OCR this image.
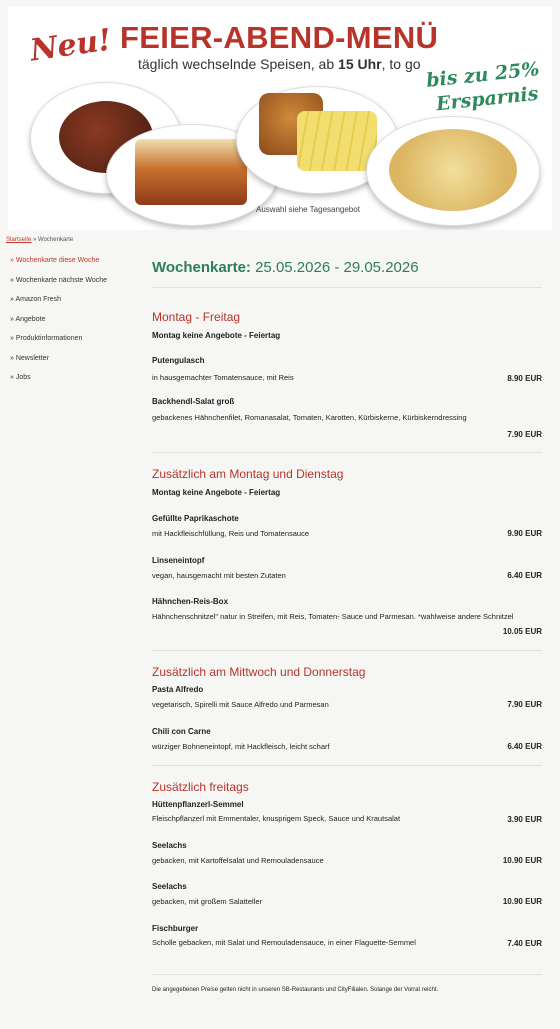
Neu! FEIER-ABEND-MENÜ
täglich wechselnde Speisen, ab 15 Uhr, to go bis zu 25%
Ersparnis
Auswahl siehe Tagesangebot
Startseite » Wochenkarte
» Wochenkarte diese Woche
» Wochenkarte nächste Woche
» Amazon Fresh
» Angebote
» Produktinformationen
» Newsletter
» Jobs
Wochenkarte: 25.05.2026 - 29.05.2026
Montag - Freitag
Montag keine Angebote - Feiertag
Putengulasch
in hausgemachter Tomatensauce, mit Reis	8.90 EUR
Backhendl-Salat groß
gebackenes Hähnchenfilet, Romanasalat, Tomaten, Karotten, Kürbiskerne, Kürbiskerndressing
7.90 EUR
Zusätzlich am Montag und Dienstag
Montag keine Angebote - Feiertag
Gefüllte Paprikaschote
mit Hackfleischfüllung, Reis und Tomatensauce	9.90 EUR
Linseneintopf
vegan, hausgemacht mit besten Zutaten	6.40 EUR
Hähnchen-Reis-Box
Hähnchenschnitzel" natur in Streifen, mit Reis, Tomaten- Sauce und Parmesan. *wahlweise andere Schnitzel
10.05 EUR
Zusätzlich am Mittwoch und Donnerstag
Pasta Alfredo
vegetarisch, Spirelli mit Sauce Alfredo und Parmesan	7.90 EUR
Chili con Carne
würziger Bohneneintopf, mit Hackfleisch, leicht scharf	6.40 EUR
Zusätzlich freitags
Hüttenpflanzerl-Semmel
Fleischpflanzerl mit Emmentaler, knusprigem Speck, Sauce und Krautsalat	3.90 EUR
Seelachs
gebacken, mit Kartoffelsalat und Remouladensauce	10.90 EUR
Seelachs
gebacken, mit großem Salatteller	10.90 EUR
Fischburger
Scholle gebacken, mit Salat und Remouladensauce, in einer Flaguette-Semmel	7.40 EUR
Die angegebenen Preise gelten nicht in unseren SB-Restaurants und CityFilialen. Solange der Vorrat reicht.
